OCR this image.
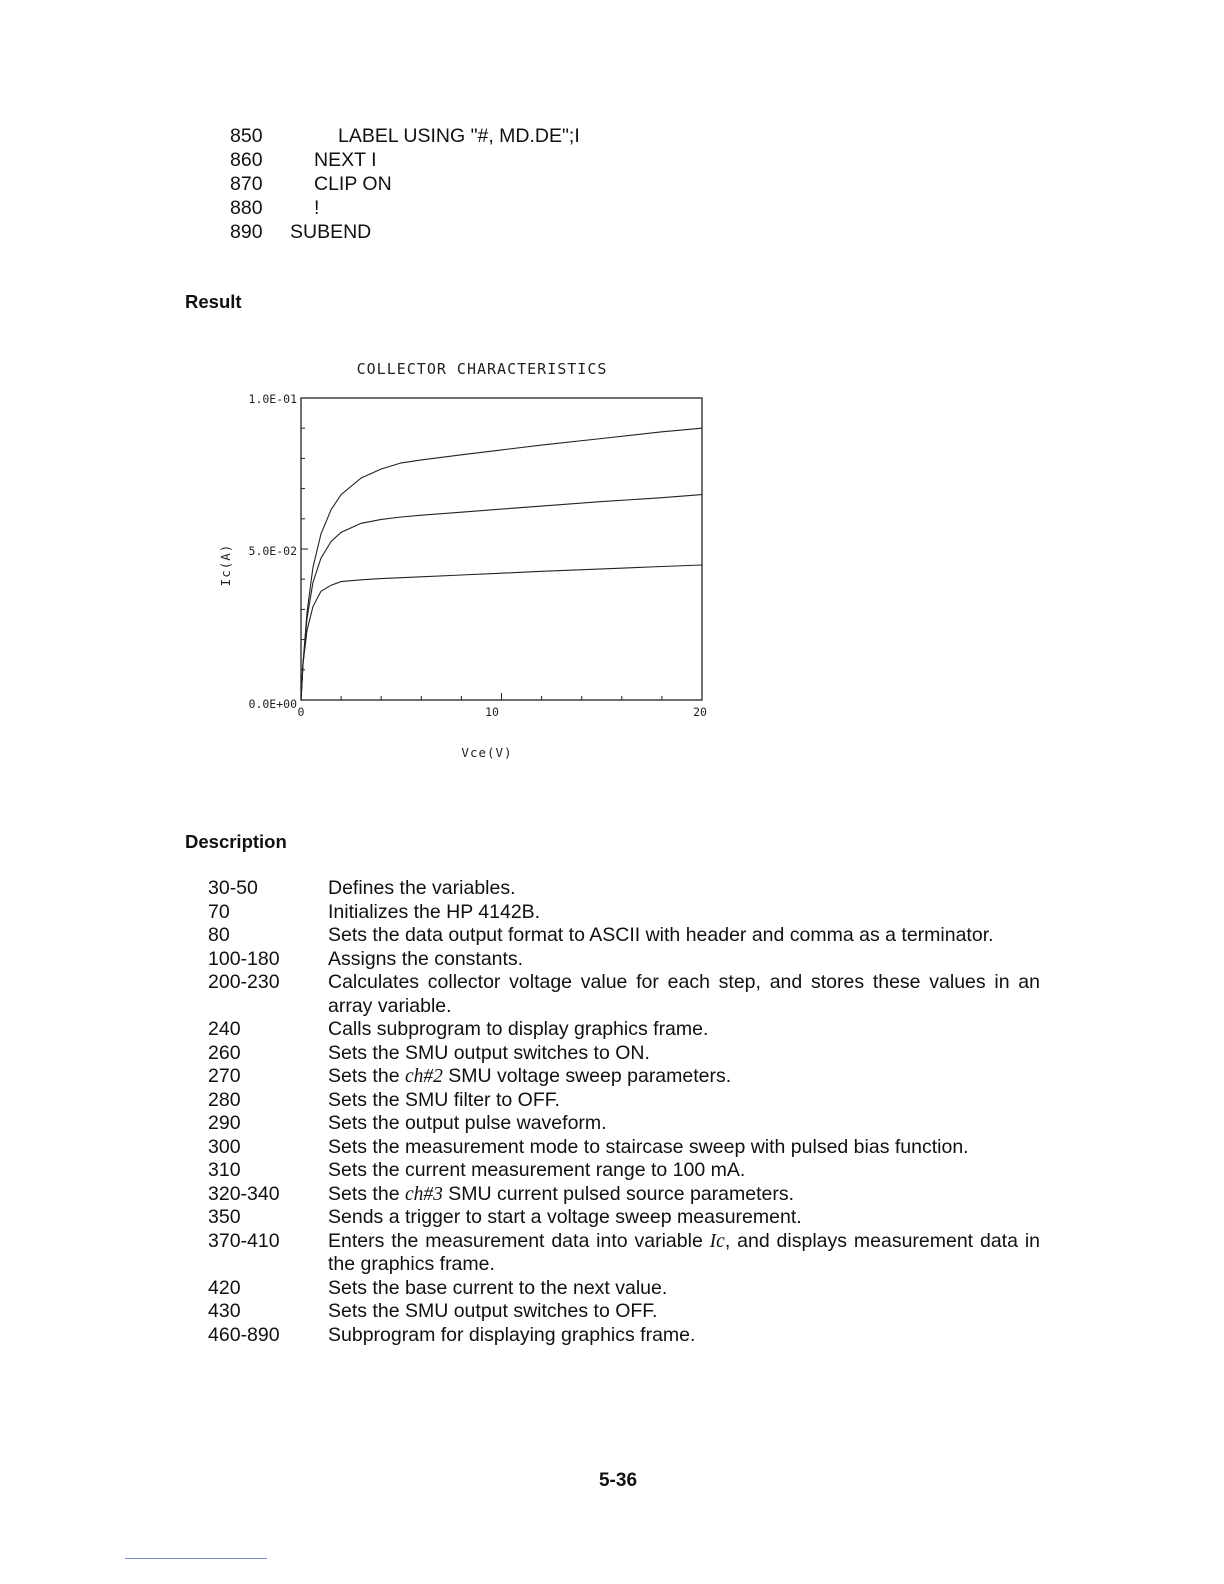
850	LABEL USING "#, MD.DE";I
860	NEXT I
870	CLIP ON
880	!
890 SUBEND
Result
COLLECTOR CHARACTERISTICS
1.0E-01
5.0E-02
0.0E+00
0	10	20
Vce(V)
Ic(A)
Description
30-50	Defines the variables.
70	Initializes the HP 4142B.
80	Sets the data output format to ASCII with header and comma as a terminator.
100-180	Assigns the constants.
200-230	Calculates collector voltage value for each step, and stores these values in an array variable.
240	Calls subprogram to display graphics frame.
260	Sets the SMU output switches to ON.
270	Sets the ch#2 SMU voltage sweep parameters.
280	Sets the SMU filter to OFF.
290	Sets the output pulse waveform.
300	Sets the measurement mode to staircase sweep with pulsed bias function.
310	Sets the current measurement range to 100 mA.
320-340	Sets the ch#3 SMU current pulsed source parameters.
350	Sends a trigger to start a voltage sweep measurement.
370-410	Enters the measurement data into variable Ic, and displays measurement data in the graphics frame.
420	Sets the base current to the next value.
430	Sets the SMU output switches to OFF.
460-890	Subprogram for displaying graphics frame.
5-36
